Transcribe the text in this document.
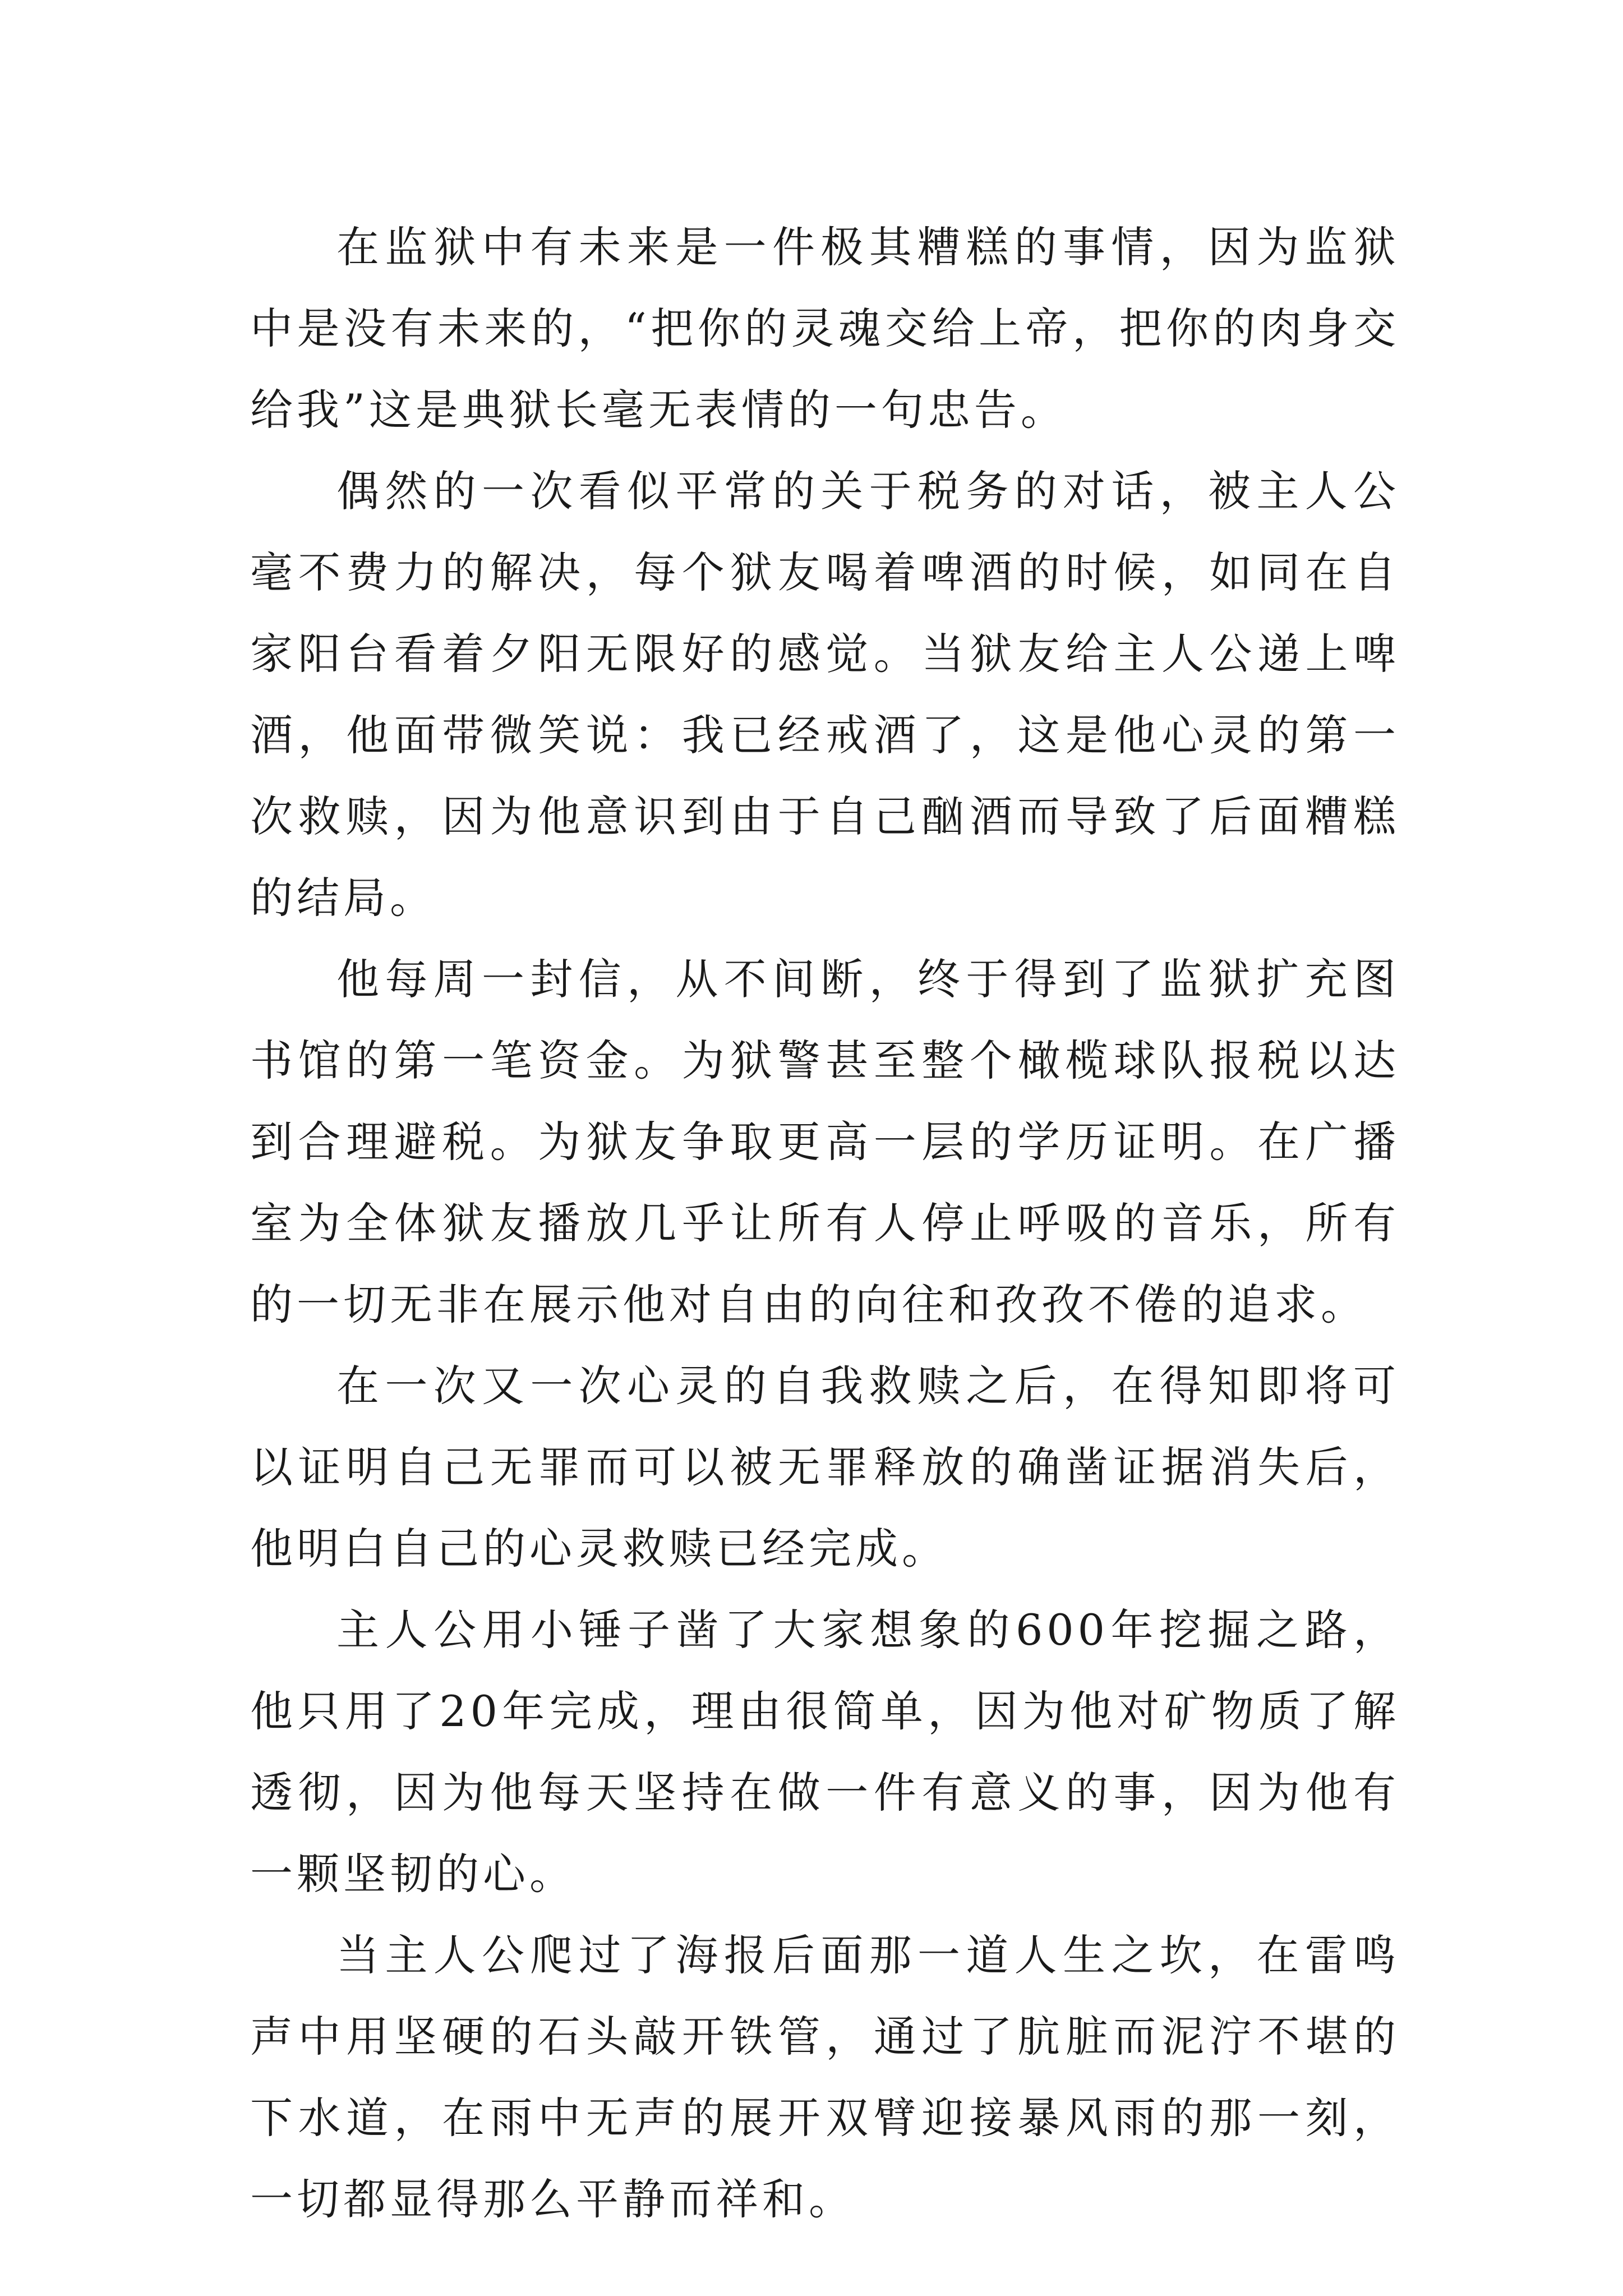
在监狱中有未来是一件极其糟糕的事情，因为监狱中是没有未来的，“把你的灵魂交给上帝，把你的肉身交给我”这是典狱长毫无表情的一句忠告。

偶然的一次看似平常的关于税务的对话，被主人公毫不费力的解决，每个狱友喝着啤酒的时候，如同在自家阳台看着夕阳无限好的感觉。当狱友给主人公递上啤酒，他面带微笑说：我已经戒酒了，这是他心灵的第一次救赎，因为他意识到由于自己酗酒而导致了后面糟糕的结局。

他每周一封信，从不间断，终于得到了监狱扩充图书馆的第一笔资金。为狱警甚至整个橄榄球队报税以达到合理避税。为狱友争取更高一层的学历证明。在广播室为全体狱友播放几乎让所有人停止呼吸的音乐，所有的一切无非在展示他对自由的向往和孜孜不倦的追求。

在一次又一次心灵的自我救赎之后，在得知即将可以证明自己无罪而可以被无罪释放的确凿证据消失后，他明白自己的心灵救赎已经完成。

主人公用小锤子凿了大家想象的600年挖掘之路，他只用了20年完成，理由很简单，因为他对矿物质了解透彻，因为他每天坚持在做一件有意义的事，因为他有一颗坚韧的心。

当主人公爬过了海报后面那一道人生之坎，在雷鸣声中用坚硬的石头敲开铁管，通过了肮脏而泥泞不堪的下水道，在雨中无声的展开双臂迎接暴风雨的那一刻，一切都显得那么平静而祥和。
